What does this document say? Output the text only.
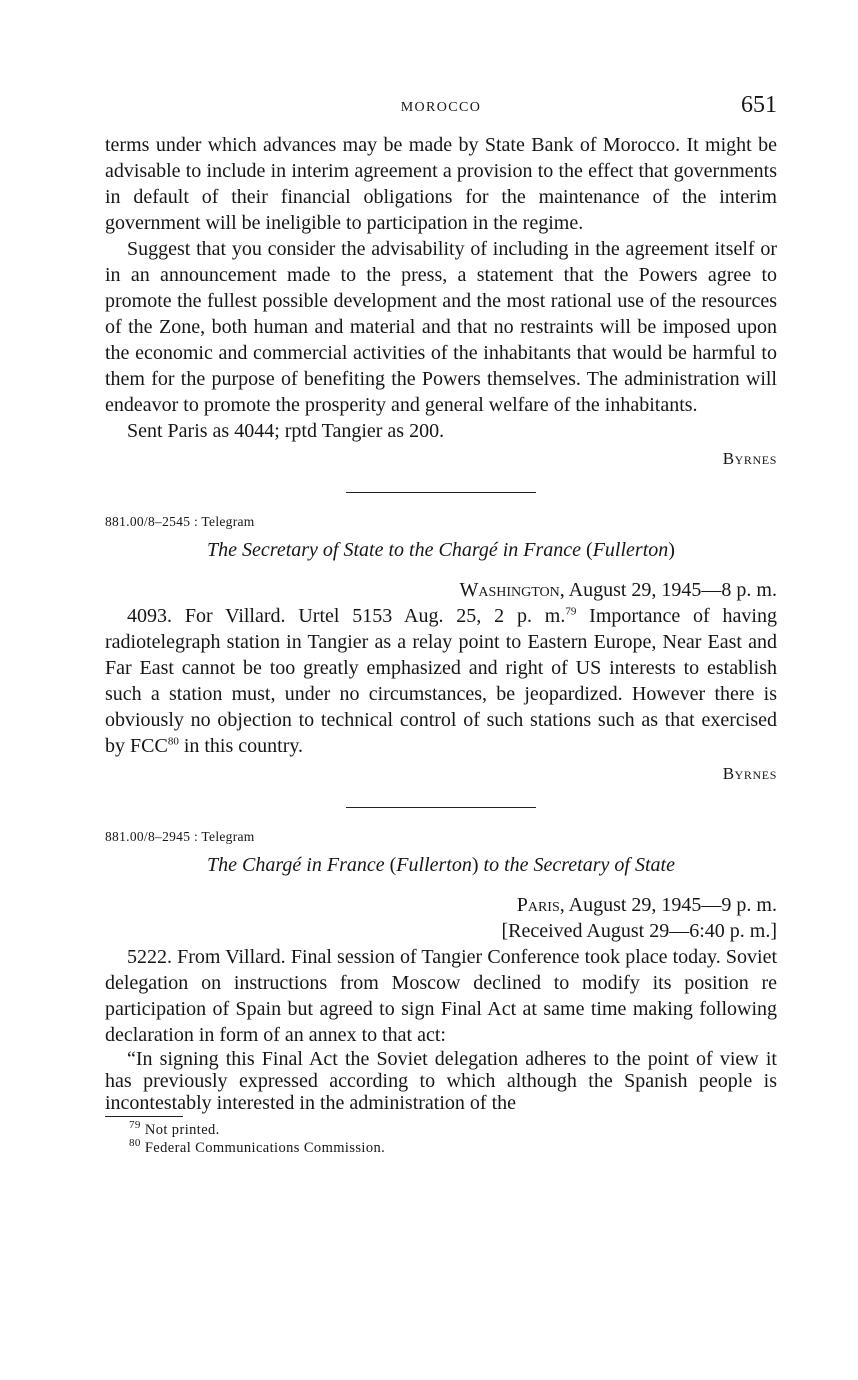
MOROCCO	651

terms under which advances may be made by State Bank of Morocco. It might be advisable to include in interim agreement a provision to the effect that governments in default of their financial obligations for the maintenance of the interim government will be ineligible to participation in the regime.

Suggest that you consider the advisability of including in the agreement itself or in an announcement made to the press, a statement that the Powers agree to promote the fullest possible development and the most rational use of the resources of the Zone, both human and material and that no restraints will be imposed upon the economic and commercial activities of the inhabitants that would be harmful to them for the purpose of benefiting the Powers themselves. The administration will endeavor to promote the prosperity and general welfare of the inhabitants.

Sent Paris as 4044; rptd Tangier as 200.

Byrnes
881.00/8–2545 : Telegram
The Secretary of State to the Chargé in France (Fullerton)
Washington, August 29, 1945—8 p. m.

4093. For Villard. Urtel 5153 Aug. 25, 2 p. m.$^{79}$ Importance of having radiotelegraph station in Tangier as a relay point to Eastern Europe, Near East and Far East cannot be too greatly emphasized and right of US interests to establish such a station must, under no circumstances, be jeopardized. However there is obviously no objection to technical control of such stations such as that exercised by FCC$^{80}$ in this country.

Byrnes
881.00/8–2945 : Telegram
The Chargé in France (Fullerton) to the Secretary of State
Paris, August 29, 1945—9 p. m.
[Received August 29—6:40 p. m.]

5222. From Villard. Final session of Tangier Conference took place today. Soviet delegation on instructions from Moscow declined to modify its position re participation of Spain but agreed to sign Final Act at same time making following declaration in form of an annex to that act:

“In signing this Final Act the Soviet delegation adheres to the point of view it has previously expressed according to which although the Spanish people is incontestably interested in the administration of the

$^{79}$ Not printed.

$^{80}$ Federal Communications Commission.
